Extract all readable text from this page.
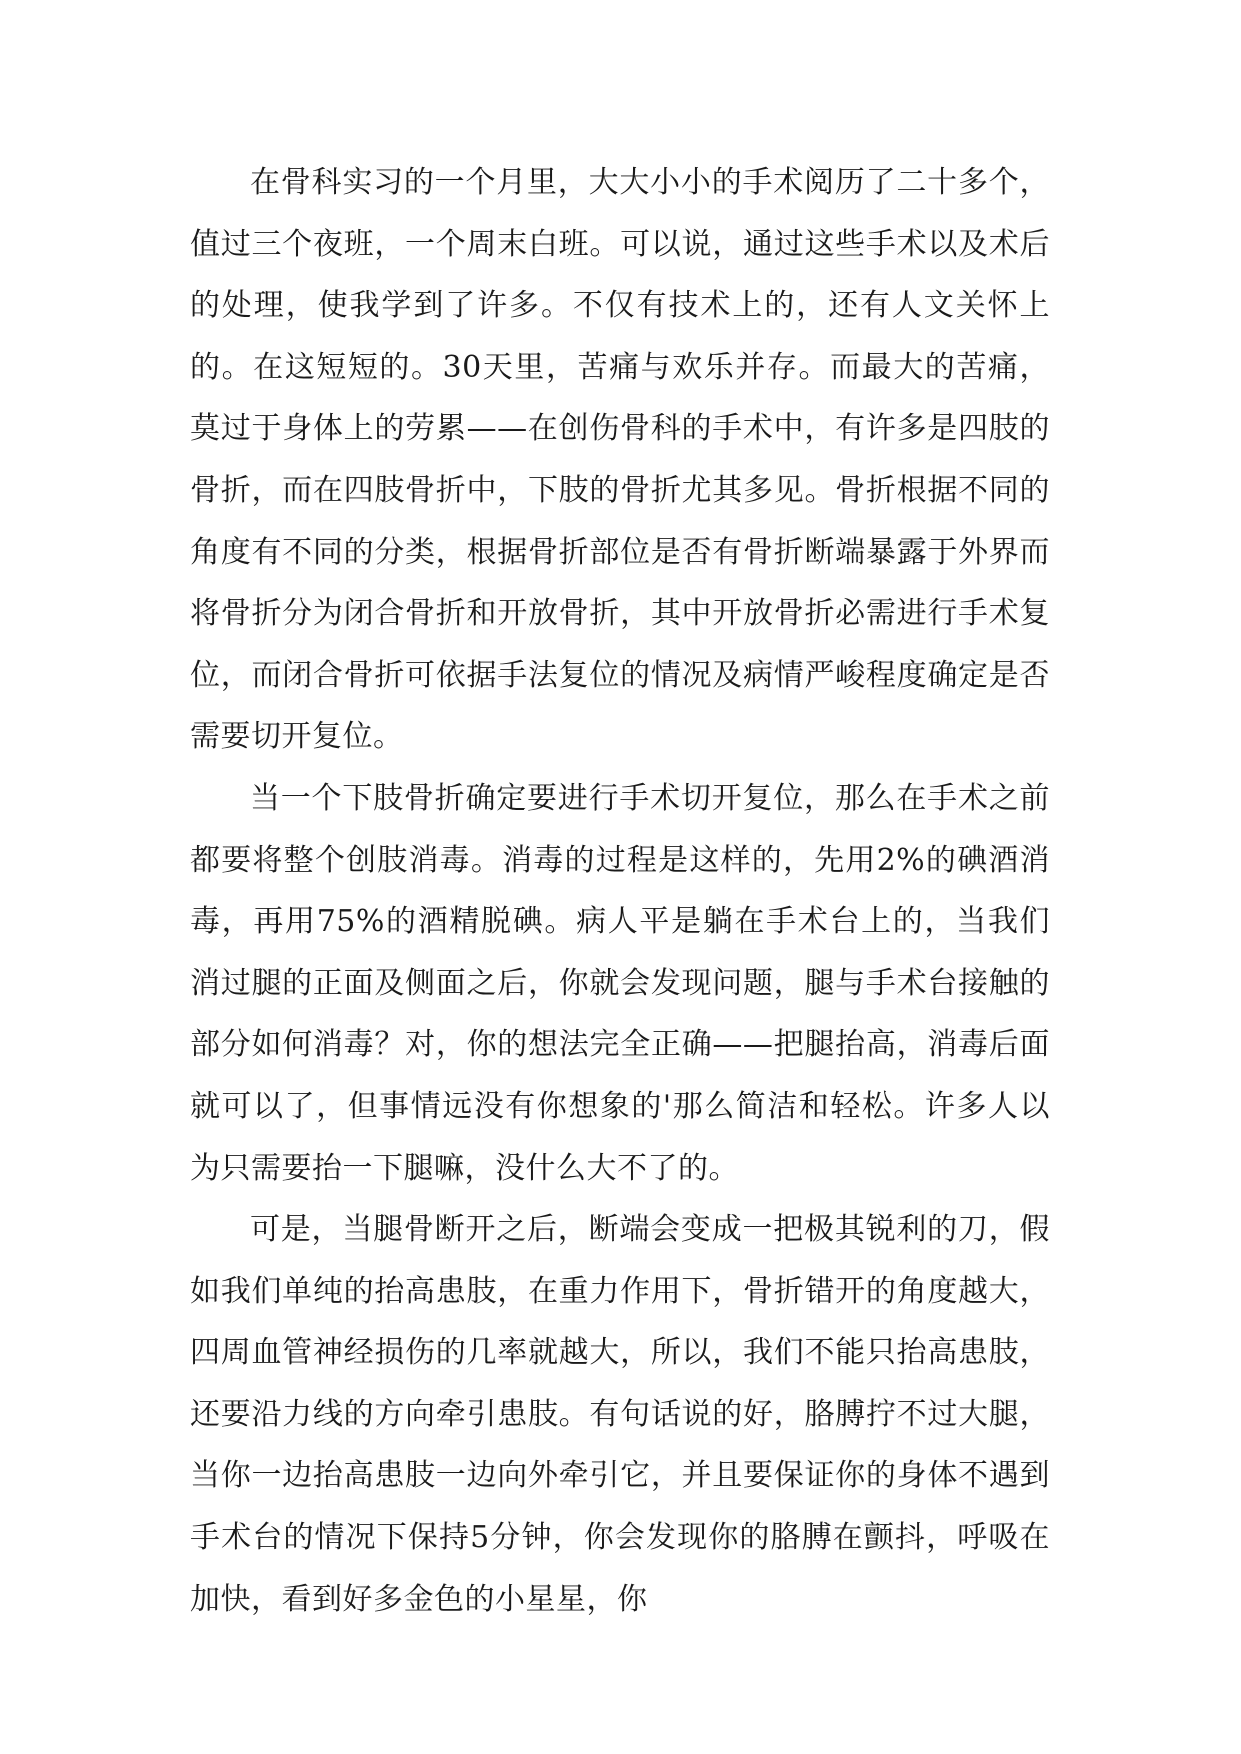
在骨科实习的一个月里，大大小小的手术阅历了二十多个，值过三个夜班，一个周末白班。可以说，通过这些手术以及术后的处理，使我学到了许多。不仅有技术上的，还有人文关怀上的。在这短短的。30天里，苦痛与欢乐并存。而最大的苦痛，莫过于身体上的劳累——在创伤骨科的手术中，有许多是四肢的骨折，而在四肢骨折中，下肢的骨折尤其多见。骨折根据不同的角度有不同的分类，根据骨折部位是否有骨折断端暴露于外界而将骨折分为闭合骨折和开放骨折，其中开放骨折必需进行手术复位，而闭合骨折可依据手法复位的情况及病情严峻程度确定是否需要切开复位。

当一个下肢骨折确定要进行手术切开复位，那么在手术之前都要将整个创肢消毒。消毒的过程是这样的，先用2%的碘酒消毒，再用75%的酒精脱碘。病人平是躺在手术台上的，当我们消过腿的正面及侧面之后，你就会发现问题，腿与手术台接触的部分如何消毒？对，你的想法完全正确——把腿抬高，消毒后面就可以了，但事情远没有你想象的'那么简洁和轻松。许多人以为只需要抬一下腿嘛，没什么大不了的。

可是，当腿骨断开之后，断端会变成一把极其锐利的刀，假如我们单纯的抬高患肢，在重力作用下，骨折错开的角度越大，四周血管神经损伤的几率就越大，所以，我们不能只抬高患肢，还要沿力线的方向牵引患肢。有句话说的好，胳膊拧不过大腿，当你一边抬高患肢一边向外牵引它，并且要保证你的身体不遇到手术台的情况下保持5分钟，你会发现你的胳膊在颤抖，呼吸在加快，看到好多金色的小星星，你
